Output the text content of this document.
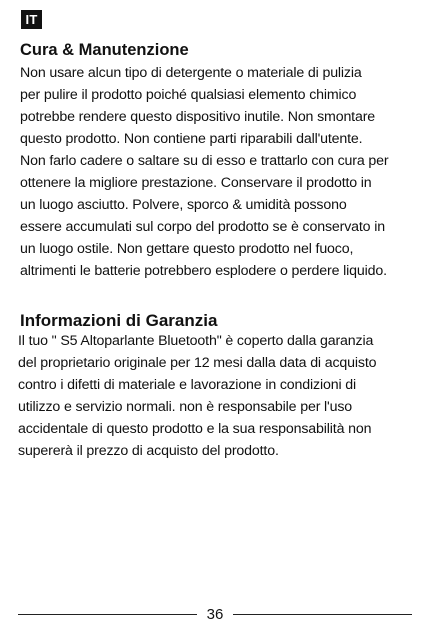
IT
Cura & Manutenzione
Non usare alcun tipo di detergente o materiale di pulizia
per pulire il prodotto poiché qualsiasi elemento chimico
potrebbe rendere questo dispositivo inutile. Non smontare
questo prodotto. Non contiene parti riparabili dall'utente.
Non farlo cadere o saltare su di esso e trattarlo con cura per
ottenere la migliore prestazione. Conservare il prodotto in
un luogo asciutto. Polvere, sporco & umidità possono
essere accumulati sul corpo del prodotto se è conservato in
un luogo ostile. Non gettare questo prodotto nel fuoco,
altrimenti le batterie potrebbero esplodere o perdere liquido.
Informazioni di Garanzia
Il tuo " S5 Altoparlante Bluetooth" è coperto dalla garanzia
del proprietario originale per 12 mesi dalla data di acquisto
contro i difetti di materiale e lavorazione in condizioni di
utilizzo e servizio normali. non è responsabile per l'uso
accidentale di questo prodotto e la sua responsabilità non
supererà il prezzo di acquisto del prodotto.
36
